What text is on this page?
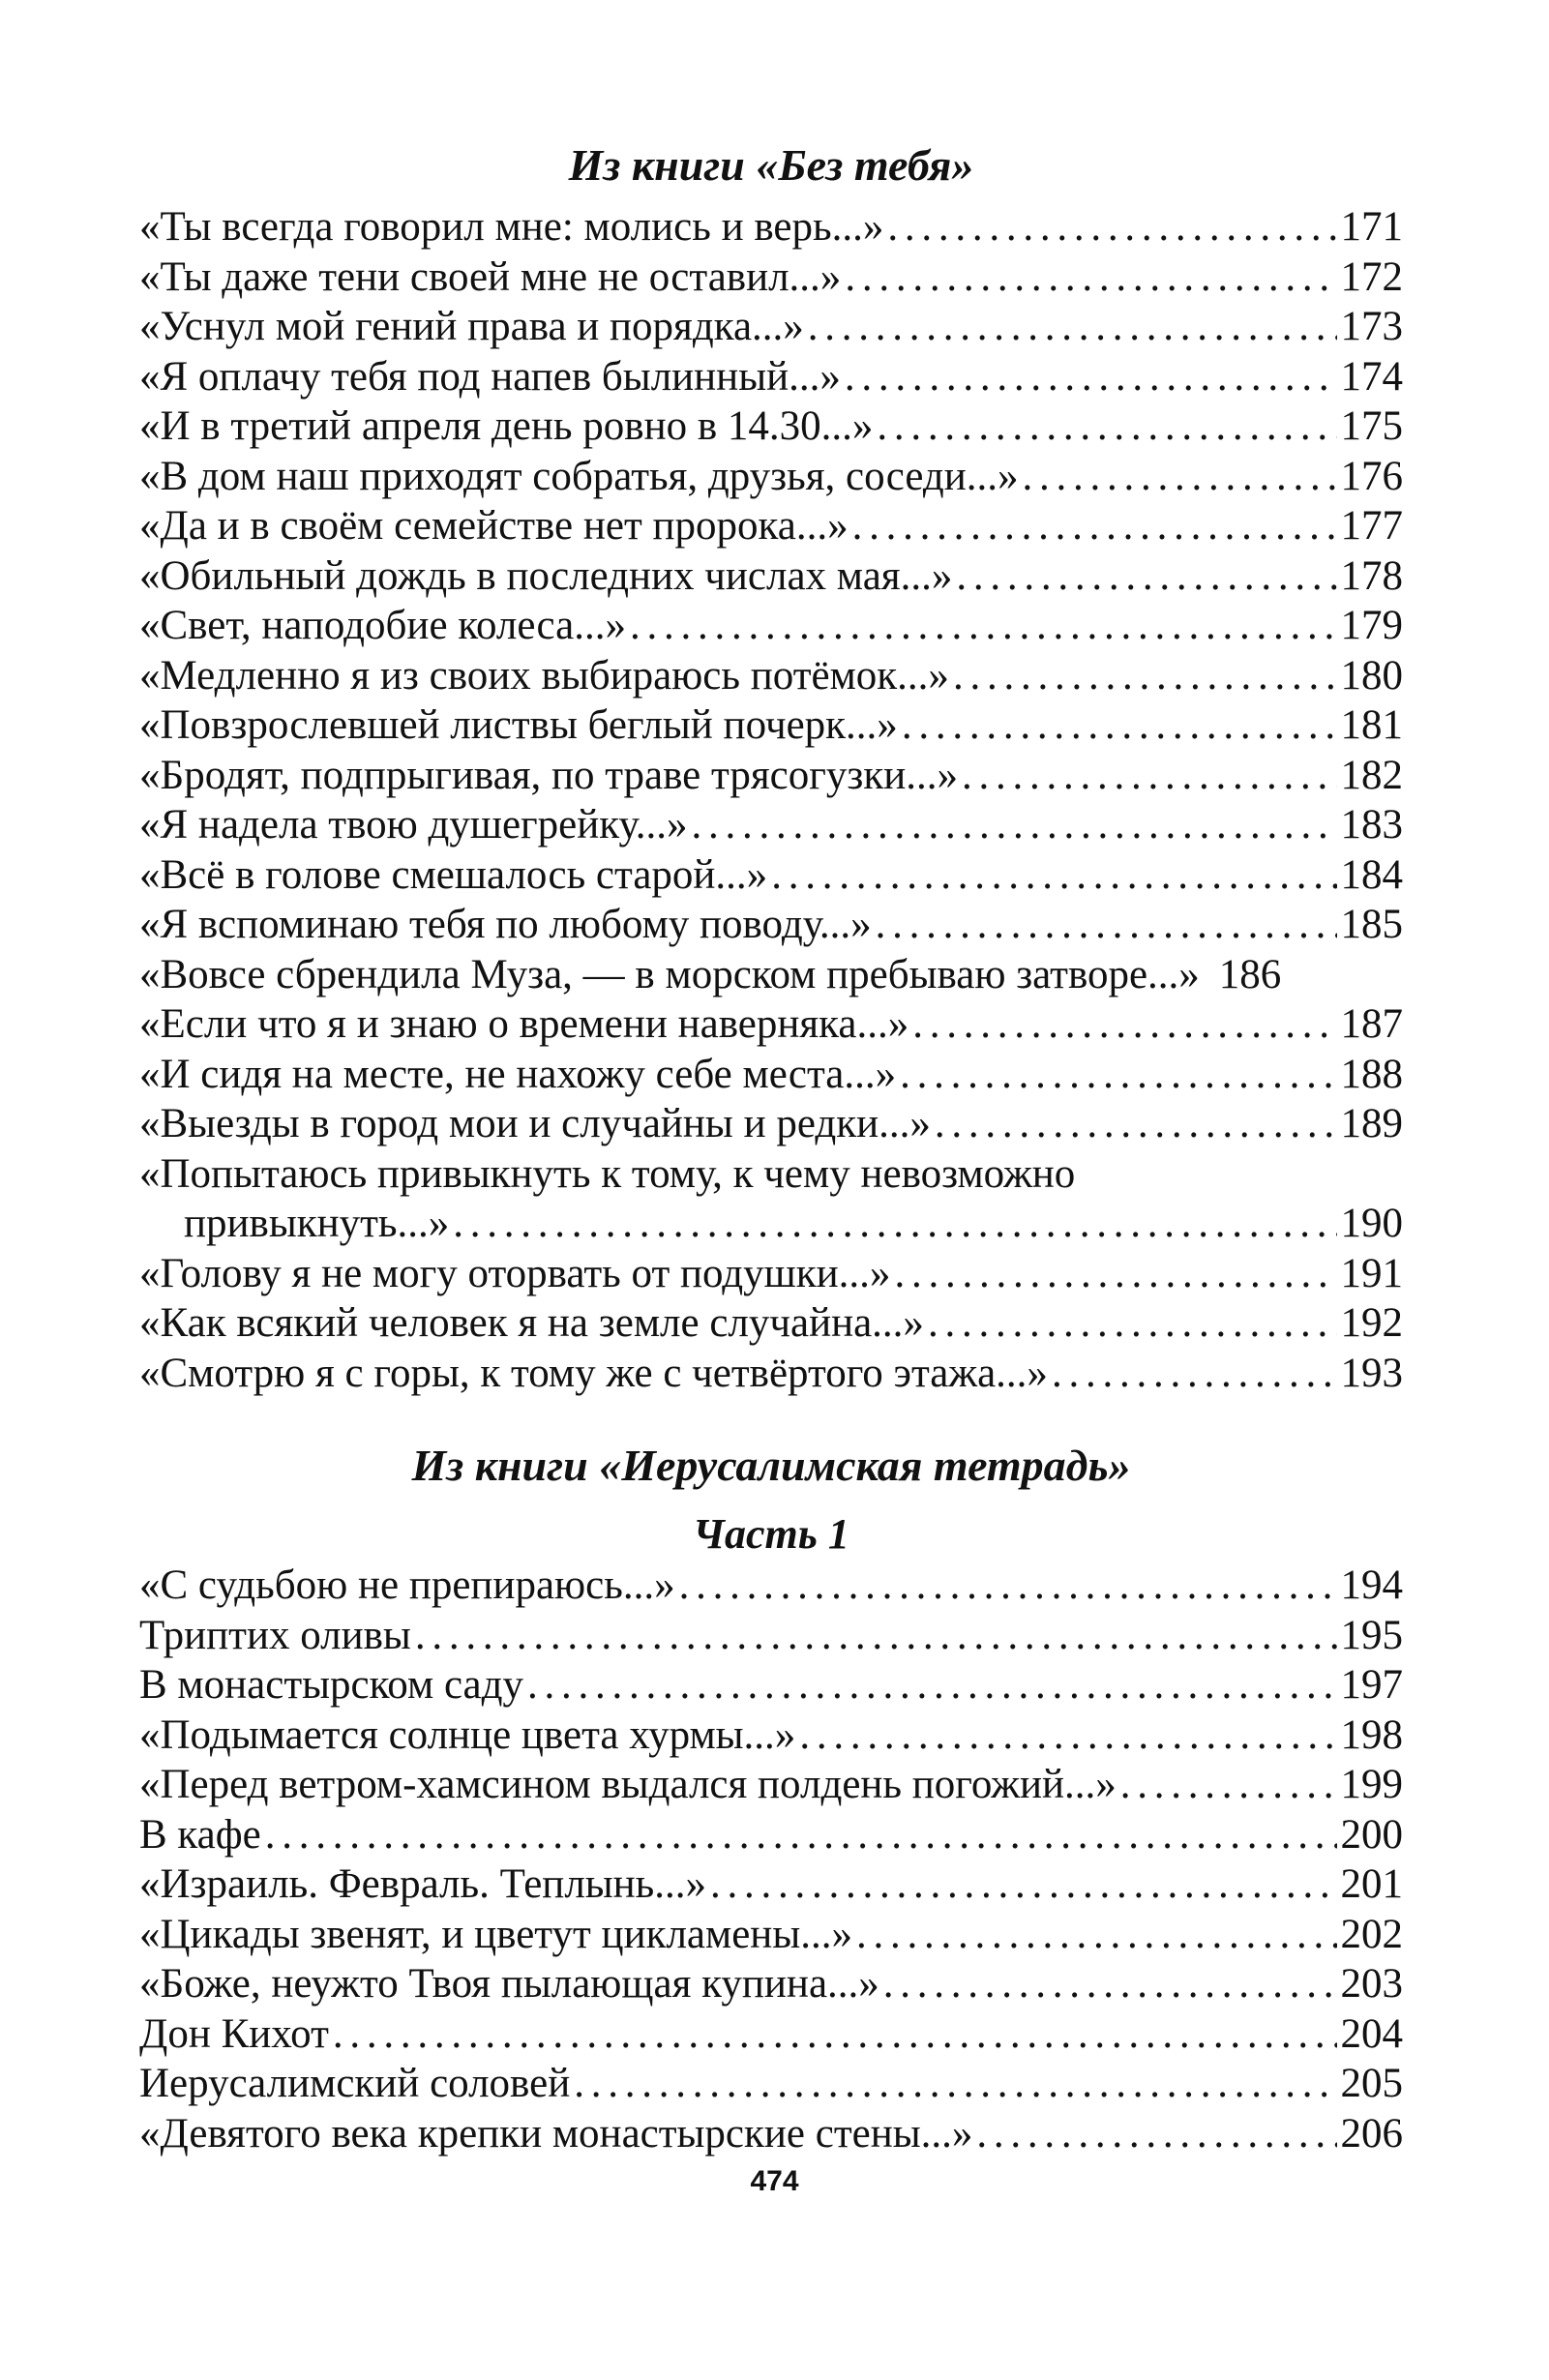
Из книги «Без тебя»
«Ты всегда говорил мне: молись и верь...» . . .	171
«Ты даже тени своей мне не оставил...» . . .	172
«Уснул мой гений права и порядка...» . . .	173
«Я оплачу тебя под напев былинный...» . . .	174
«И в третий апреля день ровно в 14.30...» . . .	175
«В дом наш приходят собратья, друзья, соседи...» . . .	176
«Да и в своём семействе нет пророка...» . . .	177
«Обильный дождь в последних числах мая...» . . .	178
«Свет, наподобие колеса...» . . .	179
«Медленно я из своих выбираюсь потёмок...» . . .	180
«Повзрослевшей листвы беглый почерк...» . . .	181
«Бродят, подпрыгивая, по траве трясогузки...» . . .	182
«Я надела твою душегрейку...» . . .	183
«Всё в голове смешалось старой...» . . .	184
«Я вспоминаю тебя по любому поводу...» . . .	185
«Вовсе сбрендила Муза, — в морском пребываю затворе...» 186
«Если что я и знаю о времени наверняка...» . . .	187
«И сидя на месте, не нахожу себе места...» . . .	188
«Выезды в город мои и случайны и редки...» . . .	189
«Попытаюсь привыкнуть к тому, к чему невозможно
привыкнуть...» . . .	190
«Голову я не могу оторвать от подушки...» . . .	191
«Как всякий человек я на земле случайна...» . . .	192
«Смотрю я с горы, к тому же с четвёртого этажа...» . . .	193
Из книги «Иерусалимская тетрадь»
Часть 1
«С судьбою не препираюсь...» . . .	194
Триптих оливы . . .	195
В монастырском саду . . .	197
«Подымается солнце цвета хурмы...» . . .	198
«Перед ветром-хамсином выдался полдень погожий...» . . .	199
В кафе . . .	200
«Израиль. Февраль. Теплынь...» . . .	201
«Цикады звенят, и цветут цикламены...» . . .	202
«Боже, неужто Твоя пылающая купина...» . . .	203
Дон Кихот . . .	204
Иерусалимский соловей . . .	205
«Девятого века крепки монастырские стены...» . . .	206
474
